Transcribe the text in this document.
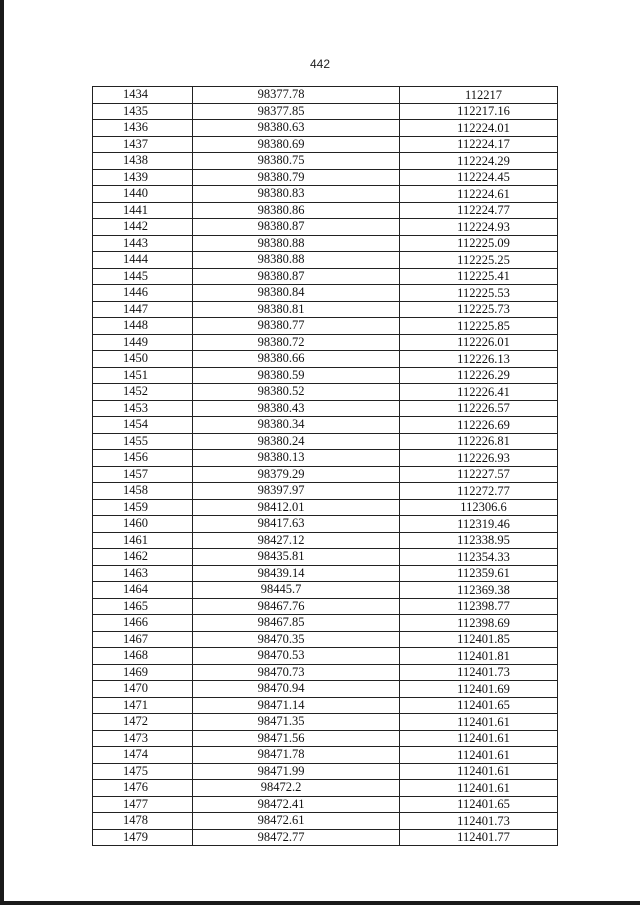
442
1434	98377.78	112217
1435	98377.85	112217.16
1436	98380.63	112224.01
1437	98380.69	112224.17
1438	98380.75	112224.29
1439	98380.79	112224.45
1440	98380.83	112224.61
1441	98380.86	112224.77
1442	98380.87	112224.93
1443	98380.88	112225.09
1444	98380.88	112225.25
1445	98380.87	112225.41
1446	98380.84	112225.53
1447	98380.81	112225.73
1448	98380.77	112225.85
1449	98380.72	112226.01
1450	98380.66	112226.13
1451	98380.59	112226.29
1452	98380.52	112226.41
1453	98380.43	112226.57
1454	98380.34	112226.69
1455	98380.24	112226.81
1456	98380.13	112226.93
1457	98379.29	112227.57
1458	98397.97	112272.77
1459	98412.01	112306.6
1460	98417.63	112319.46
1461	98427.12	112338.95
1462	98435.81	112354.33
1463	98439.14	112359.61
1464	98445.7	112369.38
1465	98467.76	112398.77
1466	98467.85	112398.69
1467	98470.35	112401.85
1468	98470.53	112401.81
1469	98470.73	112401.73
1470	98470.94	112401.69
1471	98471.14	112401.65
1472	98471.35	112401.61
1473	98471.56	112401.61
1474	98471.78	112401.61
1475	98471.99	112401.61
1476	98472.2	112401.61
1477	98472.41	112401.65
1478	98472.61	112401.73
1479	98472.77	112401.77
